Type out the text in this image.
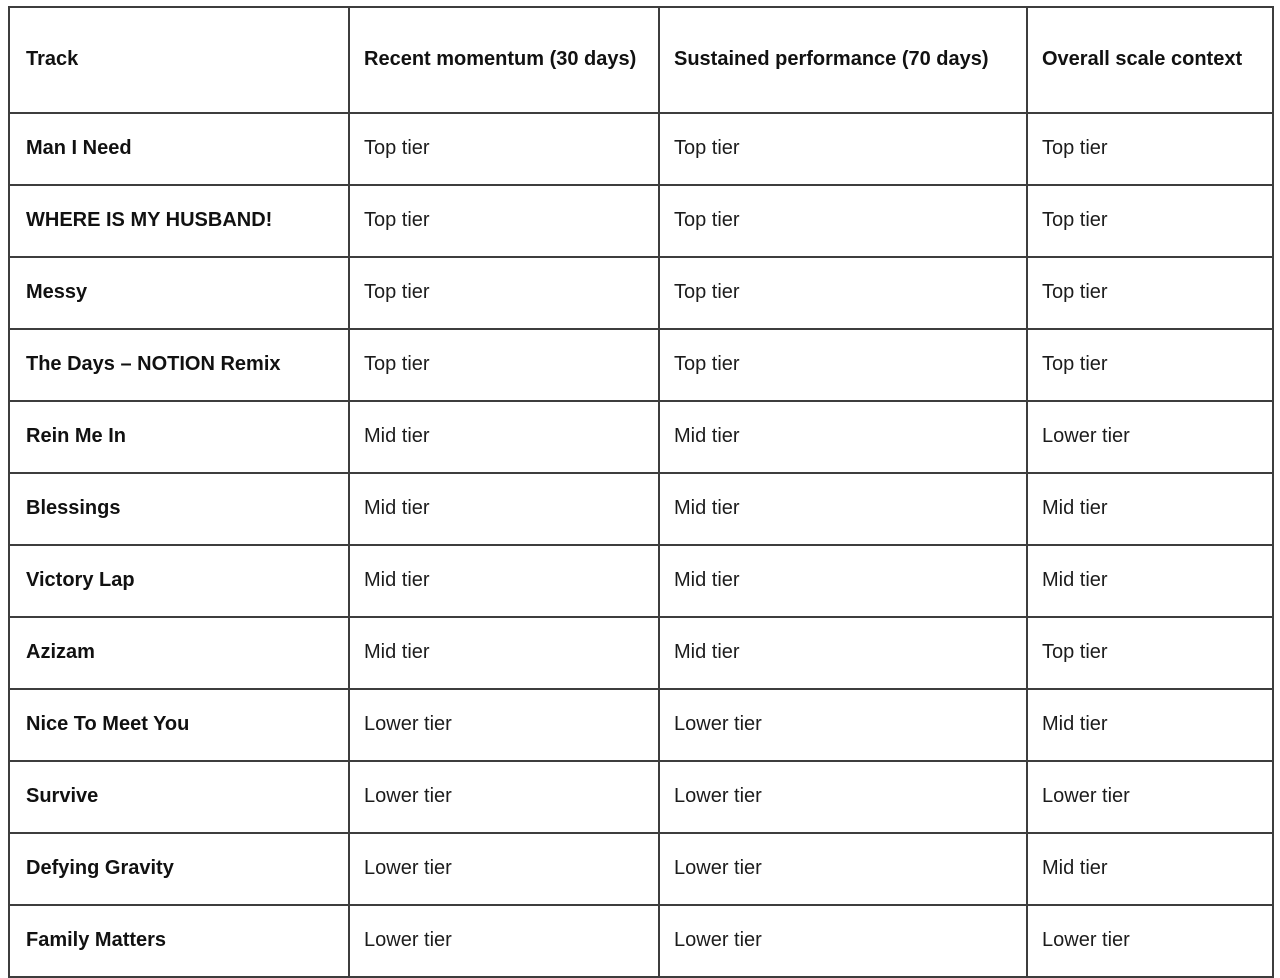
Track	Recent momentum (30 days)	Sustained performance (70 days)	Overall scale context
Man I Need	Top tier	Top tier	Top tier
WHERE IS MY HUSBAND!	Top tier	Top tier	Top tier
Messy	Top tier	Top tier	Top tier
The Days – NOTION Remix	Top tier	Top tier	Top tier
Rein Me In	Mid tier	Mid tier	Lower tier
Blessings	Mid tier	Mid tier	Mid tier
Victory Lap	Mid tier	Mid tier	Mid tier
Azizam	Mid tier	Mid tier	Top tier
Nice To Meet You	Lower tier	Lower tier	Mid tier
Survive	Lower tier	Lower tier	Lower tier
Defying Gravity	Lower tier	Lower tier	Mid tier
Family Matters	Lower tier	Lower tier	Lower tier
